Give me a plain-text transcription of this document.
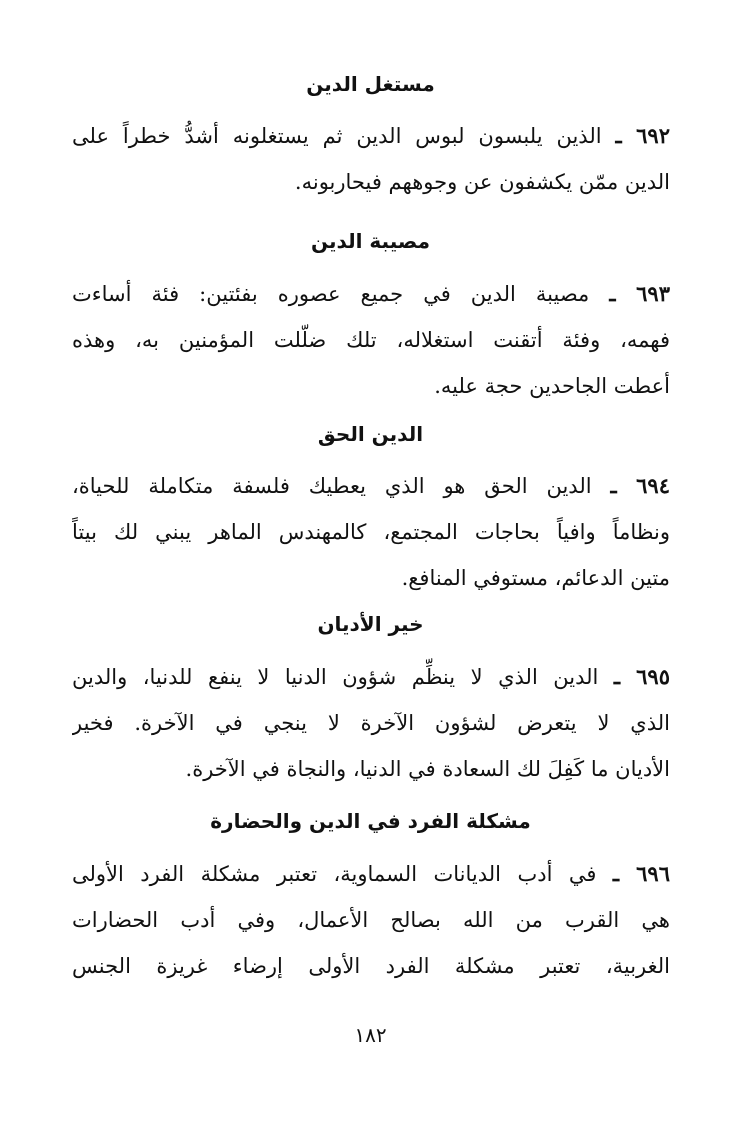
مستغل الدين
٦٩٢ ـ الذين يلبسون لبوس الدين ثم يستغلونه أشدُّ خطراً على
الدين ممّن يكشفون عن وجوههم فيحاربونه.
مصيبة الدين
٦٩٣ ـ مصيبة الدين في جميع عصوره بفئتين: فئة أساءت
فهمه، وفئة أتقنت استغلاله، تلك ضلّلت المؤمنين به، وهذه
أعطت الجاحدين حجة عليه.
الدين الحق
٦٩٤ ـ الدين الحق هو الذي يعطيك فلسفة متكاملة للحياة،
ونظاماً وافياً بحاجات المجتمع، كالمهندس الماهر يبني لك بيتاً
متين الدعائم، مستوفي المنافع.
خير الأديان
٦٩٥ ـ الدين الذي لا ينظِّم شؤون الدنيا لا ينفع للدنيا، والدين
الذي لا يتعرض لشؤون الآخرة لا ينجي في الآخرة. فخير
الأديان ما كَفِلَ لك السعادة في الدنيا، والنجاة في الآخرة.
مشكلة الفرد في الدين والحضارة
٦٩٦ ـ في أدب الديانات السماوية، تعتبر مشكلة الفرد الأولى
هي القرب من الله بصالح الأعمال، وفي أدب الحضارات
الغربية، تعتبر مشكلة الفرد الأولى إرضاء غريزة الجنس

١٨٢
